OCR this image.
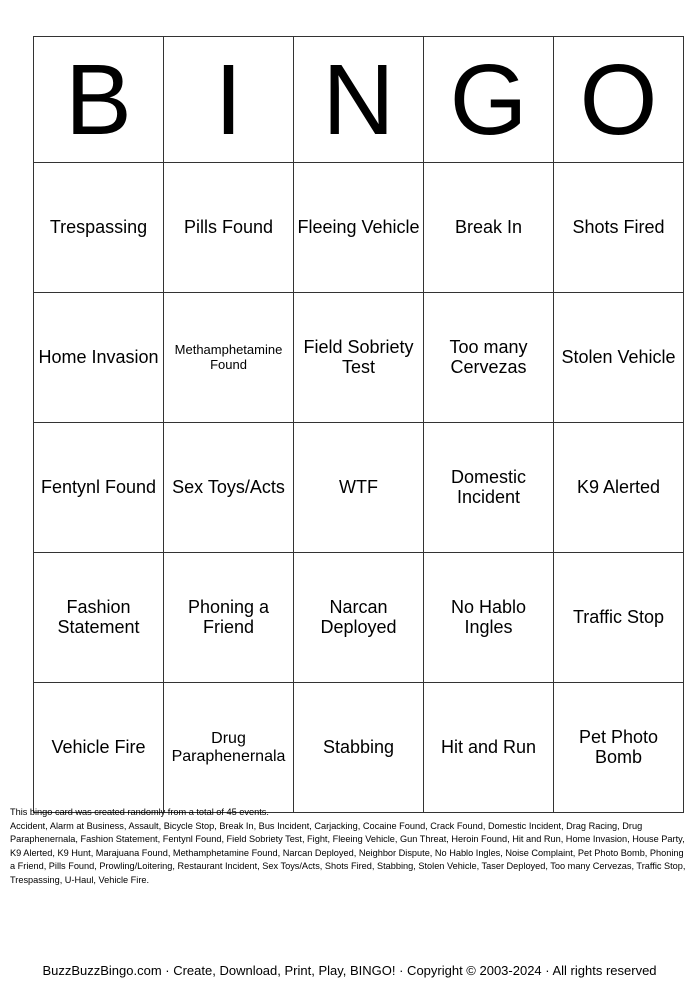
B	I	N	G	O
Trespassing	Pills Found	Fleeing Vehicle	Break In	Shots Fired
Home Invasion	Methamphetamine Found	Field Sobriety Test	Too many Cervezas	Stolen Vehicle
Fentynl Found	Sex Toys/Acts	WTF	Domestic Incident	K9 Alerted
Fashion Statement	Phoning a Friend	Narcan Deployed	No Hablo Ingles	Traffic Stop
Vehicle Fire	Drug Paraphenernala	Stabbing	Hit and Run	Pet Photo Bomb

This bingo card was created randomly from a total of 45 events.

Accident, Alarm at Business, Assault, Bicycle Stop, Break In, Bus Incident, Carjacking, Cocaine Found, Crack Found, Domestic Incident, Drag Racing, Drug Paraphenernala, Fashion Statement, Fentynl Found, Field Sobriety Test, Fight, Fleeing Vehicle, Gun Threat, Heroin Found, Hit and Run, Home Invasion, House Party, K9 Alerted, K9 Hunt, Marajuana Found, Methamphetamine Found, Narcan Deployed, Neighbor Dispute, No Hablo Ingles, Noise Complaint, Pet Photo Bomb, Phoning a Friend, Pills Found, Prowling/Loitering, Restaurant Incident, Sex Toys/Acts, Shots Fired, Stabbing, Stolen Vehicle, Taser Deployed, Too many Cervezas, Traffic Stop, Trespassing, U-Haul, Vehicle Fire.

BuzzBuzzBingo.com · Create, Download, Print, Play, BINGO! · Copyright © 2003-2024 · All rights reserved
